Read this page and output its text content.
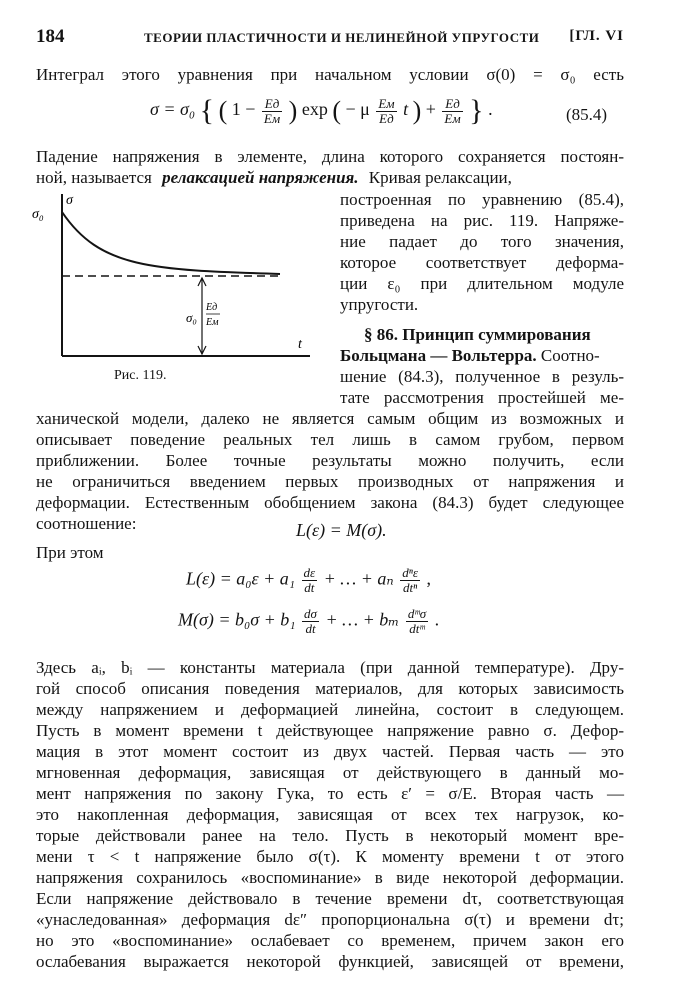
184	ТЕОРИИ ПЛАСТИЧНОСТИ И НЕЛИНЕЙНОЙ УПРУГОСТИ [ГЛ. VI
Интеграл этого уравнения при начальном условии σ(0) = σ₀ есть
σ = σ₀ { ( $1 - \frac{Eд}{Eм}$ ) exp ( − μ $\frac{Eм}{Eд}$ t ) + $\frac{Eд}{Eм}$ } .	(85.4)
Падение напряжения в элементе, длина которого сохраняется постоян-
ной, называется релаксацией напряжения. Кривая релаксации,
σ
σ₀
t
σ₀
Eд
Eм
Рис. 119.
построенная по уравнению (85.4),
приведена на рис. 119. Напряже-
ние падает до того значения,
которое соответствует деформа-
ции ε₀ при длительном модуле
упругости.
§ 86. Принцип суммирования
Больцмана — Вольтерра. Соотно-
шение (84.3), полученное в резуль-
тате рассмотрения простейшей ме-
ханической модели, далеко не является самым общим из возможных и
описывает поведение реальных тел лишь в самом грубом, первом
приближении. Более точные результаты можно получить, если
не ограничиться введением первых производных от напряжения и
деформации. Естественным обобщением закона (84.3) будет следующее
соотношение:	L(ε) = M(σ).
При этом
$L(\varepsilon) = a_0\varepsilon + a_1 \frac{d\varepsilon}{dt}$ + … + aₙ $\frac{\text{dⁿε}}{\text{dtⁿ}}$ ,
$M(\sigma) = b_0\sigma + b_1 \frac{d\sigma}{dt}$ + … + bₘ $\frac{\text{dᵐσ}}{\text{dtᵐ}}$ .
Здесь aᵢ, bᵢ — константы материала (при данной температуре). Дру-
гой способ описания поведения материалов, для которых зависимость
между напряжением и деформацией линейна, состоит в следующем.
Пусть в момент времени t действующее напряжение равно σ. Дефор-
мация в этот момент состоит из двух частей. Первая часть — это
мгновенная деформация, зависящая от действующего в данный мо-
мент напряжения по закону Гука, то есть ε′ = σ/E. Вторая часть —
это накопленная деформация, зависящая от всех тех нагрузок, ко-
торые действовали ранее на тело. Пусть в некоторый момент вре-
мени τ < t напряжение было σ(τ). К моменту времени t от этого
напряжения сохранилось «воспоминание» в виде некоторой деформации.
Если напряжение действовало в течение времени dτ, соответствующая
«унаследованная» деформация dε″ пропорциональна σ(τ) и времени dτ;
но это «воспоминание» ослабевает со временем, причем закон его
ослабевания выражается некоторой функцией, зависящей от времени,
